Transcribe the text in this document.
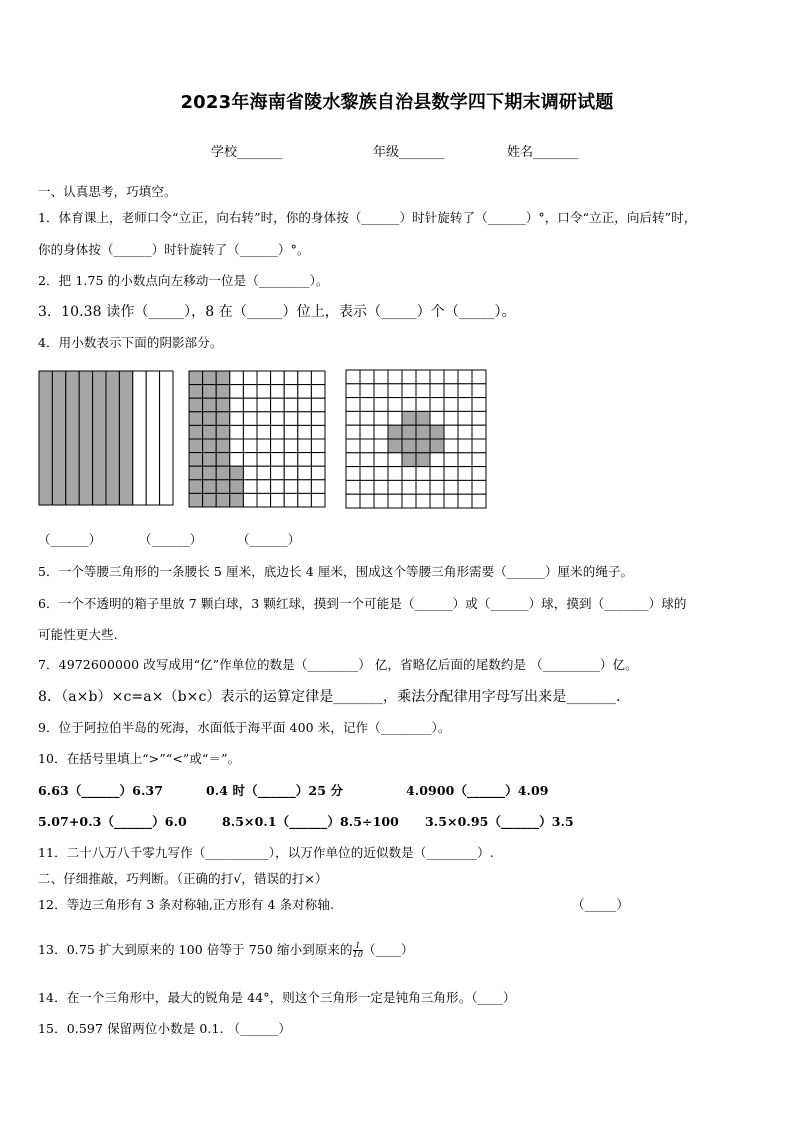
2023年海南省陵水黎族自治县数学四下期末调研试题
学校_______	年级_______	姓名_______
一、认真思考，巧填空。
1．体育课上，老师口令“立正，向右转”时，你的身体按（______）时针旋转了（______）°，口令“立正，向后转”时，
你的身体按（______）时针旋转了（______）°。
2．把 1.75 的小数点向左移动一位是（________）。
3．10.38 读作（_____），8 在（_____）位上，表示（_____）个（_____）。
4．用小数表示下面的阴影部分。
（______）	（______）	（______）
5．一个等腰三角形的一条腰长 5 厘米，底边长 4 厘米，围成这个等腰三角形需要（______）厘米的绳子。
6．一个不透明的箱子里放 7 颗白球，3 颗红球，摸到一个可能是（______）或（______）球，摸到（_______）球的
可能性更大些.
7．4972600000 改写成用“亿”作单位的数是（________） 亿，省略亿后面的尾数约是 （_________）亿。
8．（a×b）×c=a×（b×c）表示的运算定律是_______，乘法分配律用字母写出来是_______.
9．位于阿拉伯半岛的死海，水面低于海平面 400 米，记作（________）。
10．在括号里填上“>”“<”或“＝”。
6.63（______）6.37	0.4 时（______）25 分	4.0900（______）4.09
5.07+0.3（______）6.0	8.5×0.1（______）8.5÷100 3.5×0.95（______）3.5
11．二十八万八千零九写作（__________），以万作单位的近似数是（________）.
二、仔细推敲，巧判断。（正确的打√，错误的打×）
12．等边三角形有 3 条对称轴,正方形有 4 条对称轴.	（_____）
13．0.75 扩大到原来的 100 倍等于 750 缩小到原来的 $\frac{1}{10}$ （____）
14．在一个三角形中，最大的锐角是 44°，则这个三角形一定是钝角三角形。（____）
15．0.597 保留两位小数是 0.1. （______）
